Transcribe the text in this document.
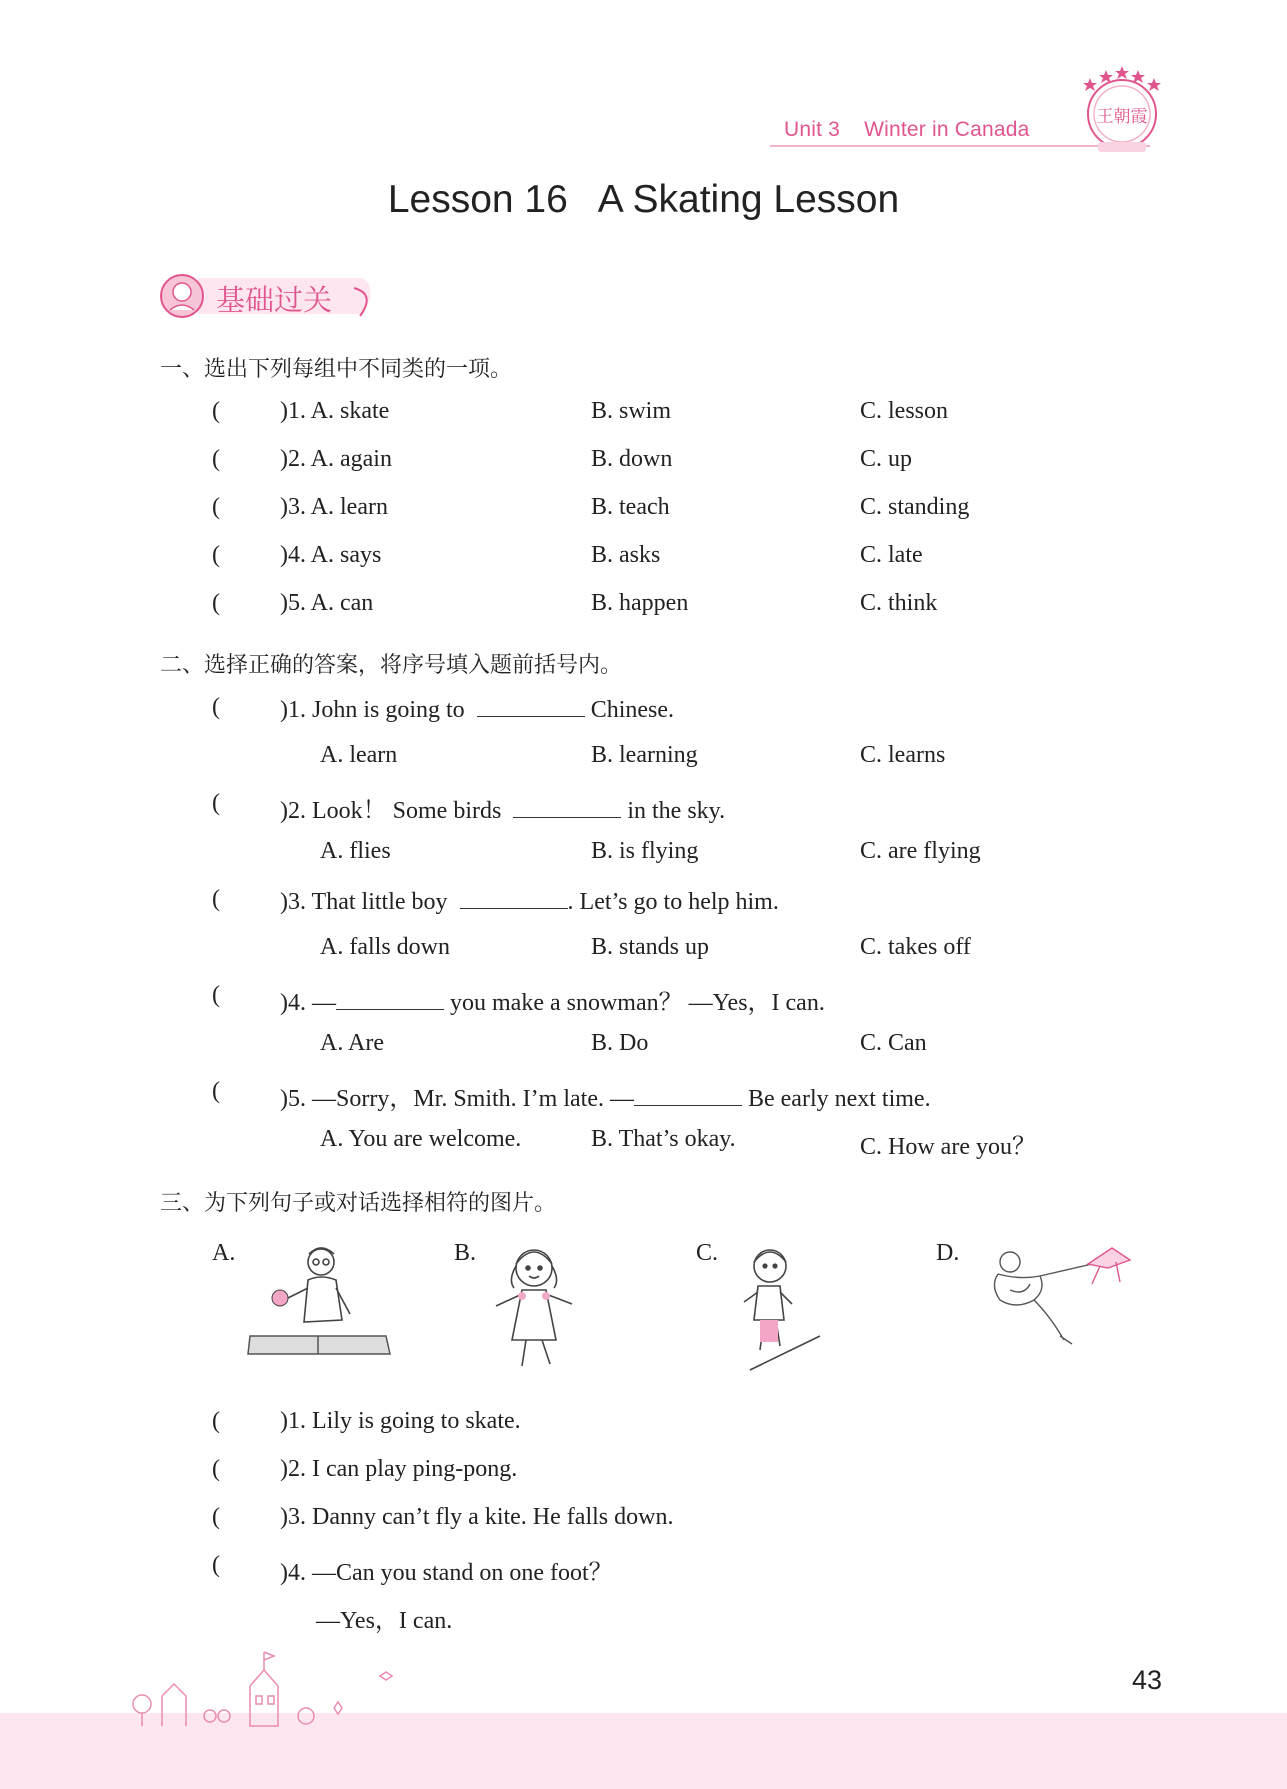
Unit 3 Winter in Canada
王朝霞
Lesson 16 A Skating Lesson
基础过关
一、选出下列每组中不同类的一项。
(	)1. A. skate	B. swim	C. lesson
(	)2. A. again	B. down	C. up
(	)3. A. learn	B. teach	C. standing
(	)4. A. says	B. asks	C. late
(	)5. A. can	B. happen	C. think
二、选择正确的答案，将序号填入题前括号内。
(	)1. John is going to	Chinese.
A. learn	B. learning	C. learns
(	)2. Look！ Some birds	in the sky.
A. flies	B. is flying	C. are flying
(	)3. That little boy	. Let’s go to help him.
A. falls down	B. stands up	C. takes off
(	)4. —	you make a snowman？ —Yes，I can.
A. Are	B. Do	C. Can
(	)5. —Sorry，Mr. Smith. I’m late. —	Be early next time.
A. You are welcome.	B. That’s okay.	C. How are you？
三、为下列句子或对话选择相符的图片。
A.	B.	C.	D.
(	)1. Lily is going to skate.
(	)2. I can play ping-pong.
(	)3. Danny can’t fly a kite. He falls down.
(	)4. —Can you stand on one foot？
—Yes，I can.
43
